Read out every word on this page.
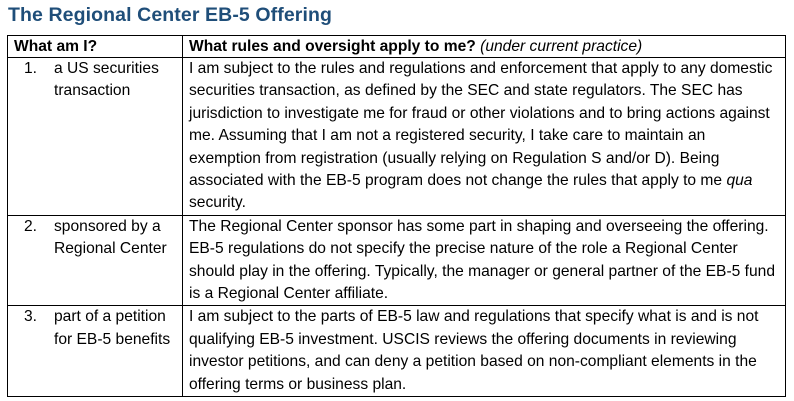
The Regional Center EB-5 Offering
What am I?	What rules and oversight apply to me? (under current practice)

1. a US securities transaction	I am subject to the rules and regulations and enforcement that apply to any domestic securities transaction, as defined by the SEC and state regulators. The SEC has jurisdiction to investigate me for fraud or other violations and to bring actions against me. Assuming that I am not a registered security, I take care to maintain an exemption from registration (usually relying on Regulation S and/or D). Being associated with the EB-5 program does not change the rules that apply to me qua security.

2. sponsored by a Regional Center	The Regional Center sponsor has some part in shaping and overseeing the offering. EB-5 regulations do not specify the precise nature of the role a Regional Center should play in the offering. Typically, the manager or general partner of the EB-5 fund is a Regional Center affiliate.

3. part of a petition for EB-5 benefits	I am subject to the parts of EB-5 law and regulations that specify what is and is not qualifying EB-5 investment. USCIS reviews the offering documents in reviewing investor petitions, and can deny a petition based on non-compliant elements in the offering terms or business plan.
